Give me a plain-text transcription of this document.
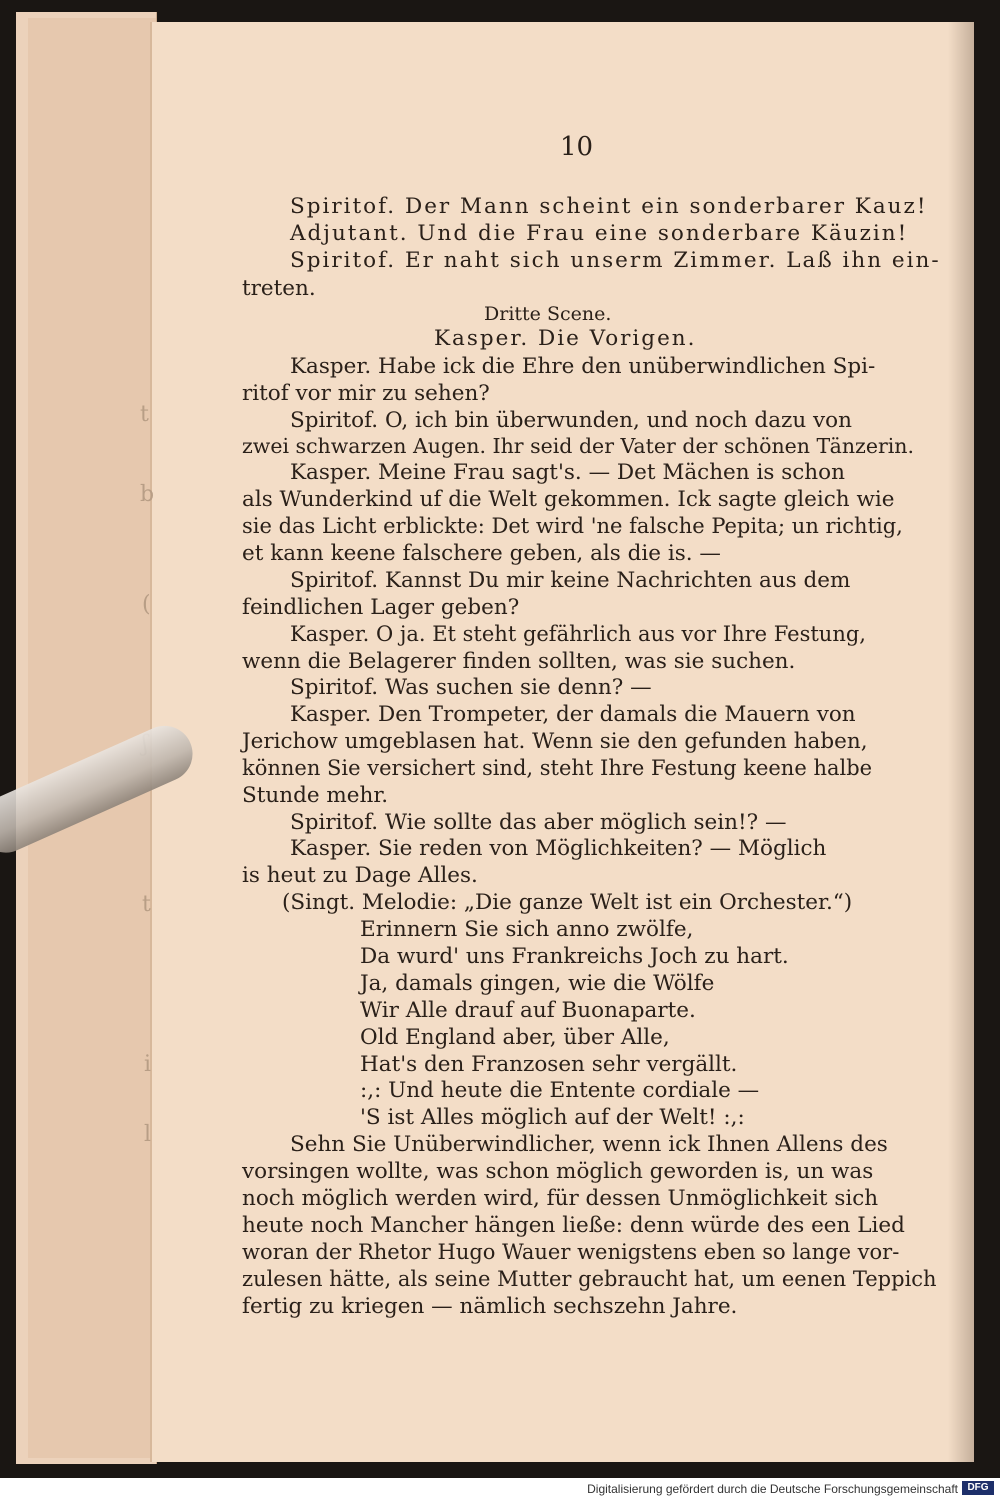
t
b
(
t
i
l
10
Spiritof. Der Mann scheint ein sonderbarer Kauz!
Adjutant. Und die Frau eine sonderbare Käuzin!
Spiritof. Er naht sich unserm Zimmer. Laß ihn ein-
treten.
Dritte Scene.
Kasper. Die Vorigen.
Kasper. Habe ick die Ehre den unüberwindlichen Spi-
ritof vor mir zu sehen?
Spiritof. O, ich bin überwunden, und noch dazu von
zwei schwarzen Augen. Ihr seid der Vater der schönen Tänzerin.
Kasper. Meine Frau sagt's. — Det Mächen is schon
als Wunderkind uf die Welt gekommen. Ick sagte gleich wie
sie das Licht erblickte: Det wird 'ne falsche Pepita; un richtig,
et kann keene falschere geben, als die is. —
Spiritof. Kannst Du mir keine Nachrichten aus dem
feindlichen Lager geben?
Kasper. O ja. Et steht gefährlich aus vor Ihre Festung,
wenn die Belagerer finden sollten, was sie suchen.
Spiritof. Was suchen sie denn? —
Kasper. Den Trompeter, der damals die Mauern von
Jerichow umgeblasen hat. Wenn sie den gefunden haben,
können Sie versichert sind, steht Ihre Festung keene halbe
Stunde mehr.
Spiritof. Wie sollte das aber möglich sein!? —
Kasper. Sie reden von Möglichkeiten? — Möglich
is heut zu Dage Alles.
(Singt. Melodie: „Die ganze Welt ist ein Orchester.“)
Erinnern Sie sich anno zwölfe,
Da wurd' uns Frankreichs Joch zu hart.
Ja, damals gingen, wie die Wölfe
Wir Alle drauf auf Buonaparte.
Old England aber, über Alle,
Hat's den Franzosen sehr vergällt.
:,: Und heute die Entente cordiale —
'S ist Alles möglich auf der Welt! :,:
Sehn Sie Unüberwindlicher, wenn ick Ihnen Allens des
vorsingen wollte, was schon möglich geworden is, un was
noch möglich werden wird, für dessen Unmöglichkeit sich
heute noch Mancher hängen ließe: denn würde des een Lied
woran der Rhetor Hugo Wauer wenigstens eben so lange vor-
zulesen hätte, als seine Mutter gebraucht hat, um eenen Teppich
fertig zu kriegen — nämlich sechszehn Jahre.
Digitalisierung gefördert durch die Deutsche Forschungsgemeinschaft DFG
